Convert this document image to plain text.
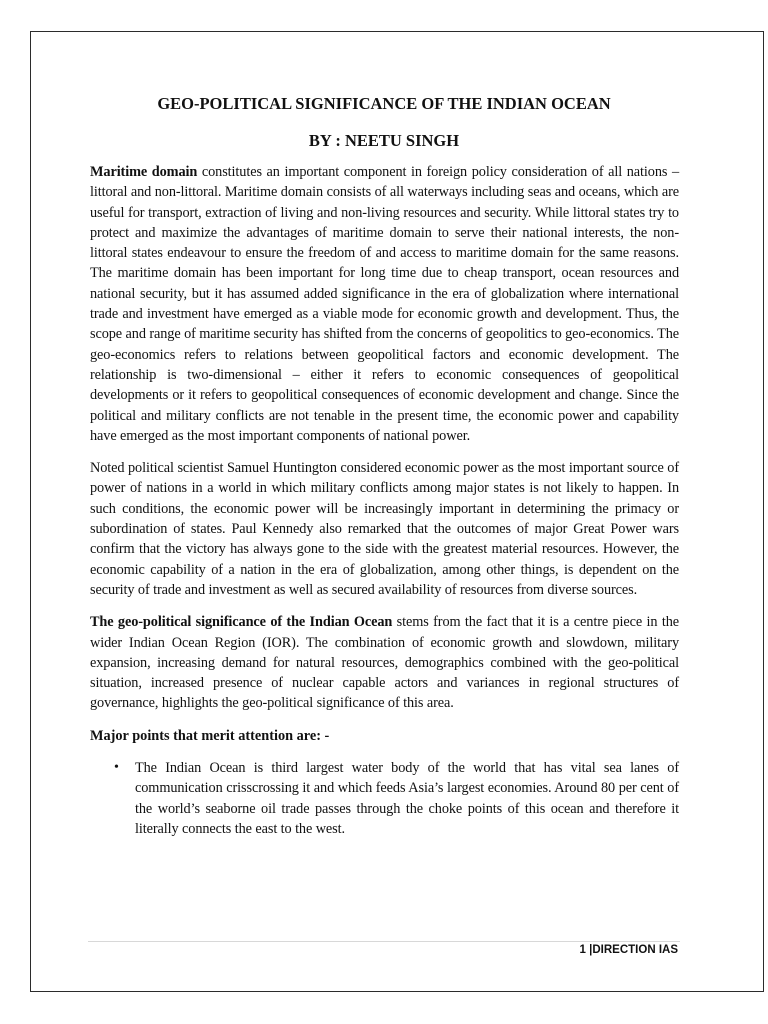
GEO-POLITICAL SIGNIFICANCE OF THE INDIAN OCEAN
BY : NEETU SINGH

Maritime domain constitutes an important component in foreign policy consideration of all nations – littoral and non-littoral. Maritime domain consists of all waterways including seas and oceans, which are useful for transport, extraction of living and non-living resources and security. While littoral states try to protect and maximize the advantages of maritime domain to serve their national interests, the non-littoral states endeavour to ensure the freedom of and access to maritime domain for the same reasons. The maritime domain has been important for long time due to cheap transport, ocean resources and national security, but it has assumed added significance in the era of globalization where international trade and investment have emerged as a viable mode for economic growth and development. Thus, the scope and range of maritime security has shifted from the concerns of geopolitics to geo-economics. The geo-economics refers to relations between geopolitical factors and economic development. The relationship is two-dimensional – either it refers to economic consequences of geopolitical developments or it refers to geopolitical consequences of economic development and change. Since the political and military conflicts are not tenable in the present time, the economic power and capability have emerged as the most important components of national power.

Noted political scientist Samuel Huntington considered economic power as the most important source of power of nations in a world in which military conflicts among major states is not likely to happen. In such conditions, the economic power will be increasingly important in determining the primacy or subordination of states. Paul Kennedy also remarked that the outcomes of major Great Power wars confirm that the victory has always gone to the side with the greatest material resources. However, the economic capability of a nation in the era of globalization, among other things, is dependent on the security of trade and investment as well as secured availability of resources from diverse sources.

The geo-political significance of the Indian Ocean stems from the fact that it is a centre piece in the wider Indian Ocean Region (IOR). The combination of economic growth and slowdown, military expansion, increasing demand for natural resources, demographics combined with the geo-political situation, increased presence of nuclear capable actors and variances in regional structures of governance, highlights the geo-political significance of this area.

Major points that merit attention are: -

• The Indian Ocean is third largest water body of the world that has vital sea lanes of communication crisscrossing it and which feeds Asia’s largest economies. Around 80 per cent of the world’s seaborne oil trade passes through the choke points of this ocean and therefore it literally connects the east to the west.
1 |DIRECTION IAS
